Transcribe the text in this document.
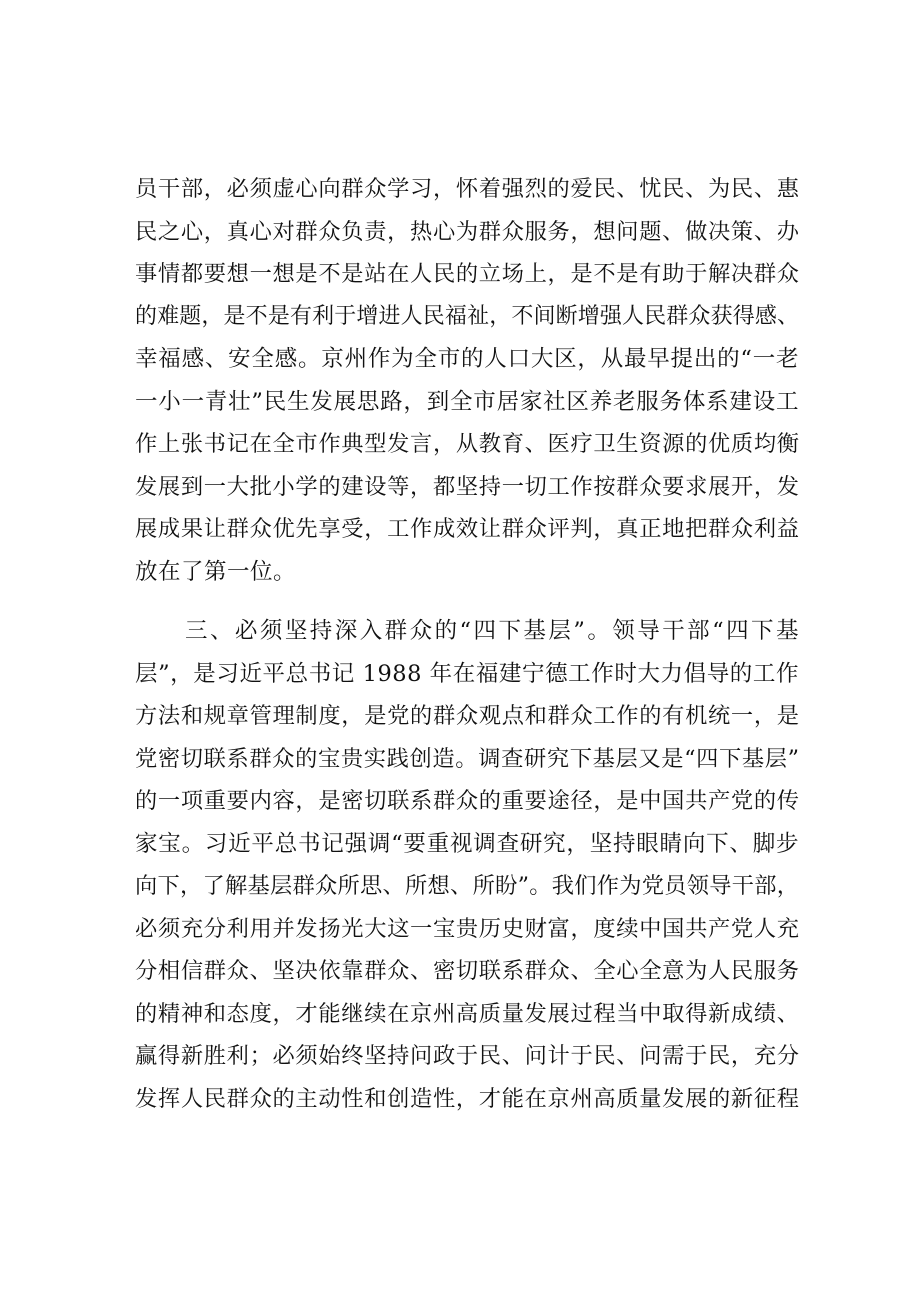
员干部，必须虚心向群众学习，怀着强烈的爱民、忧民、为民、惠
民之心，真心对群众负责，热心为群众服务，想问题、做决策、办
事情都要想一想是不是站在人民的立场上，是不是有助于解决群众
的难题，是不是有利于增进人民福祉，不间断增强人民群众获得感、
幸福感、安全感。京州作为全市的人口大区，从最早提出的“一老
一小一青壮”民生发展思路，到全市居家社区养老服务体系建设工
作上张书记在全市作典型发言，从教育、医疗卫生资源的优质均衡
发展到一大批小学的建设等，都坚持一切工作按群众要求展开，发
展成果让群众优先享受，工作成效让群众评判，真正地把群众利益
放在了第一位。

三、必须坚持深入群众的“四下基层”。领导干部“四下基
层”，是习近平总书记 1988 年在福建宁德工作时大力倡导的工作
方法和规章管理制度，是党的群众观点和群众工作的有机统一，是
党密切联系群众的宝贵实践创造。调查研究下基层又是“四下基层”
的一项重要内容，是密切联系群众的重要途径，是中国共产党的传
家宝。习近平总书记强调“要重视调查研究，坚持眼睛向下、脚步
向下，了解基层群众所思、所想、所盼”。我们作为党员领导干部，
必须充分利用并发扬光大这一宝贵历史财富，度续中国共产党人充
分相信群众、坚决依靠群众、密切联系群众、全心全意为人民服务
的精神和态度，才能继续在京州高质量发展过程当中取得新成绩、
赢得新胜利；必须始终坚持问政于民、问计于民、问需于民，充分
发挥人民群众的主动性和创造性，才能在京州高质量发展的新征程
